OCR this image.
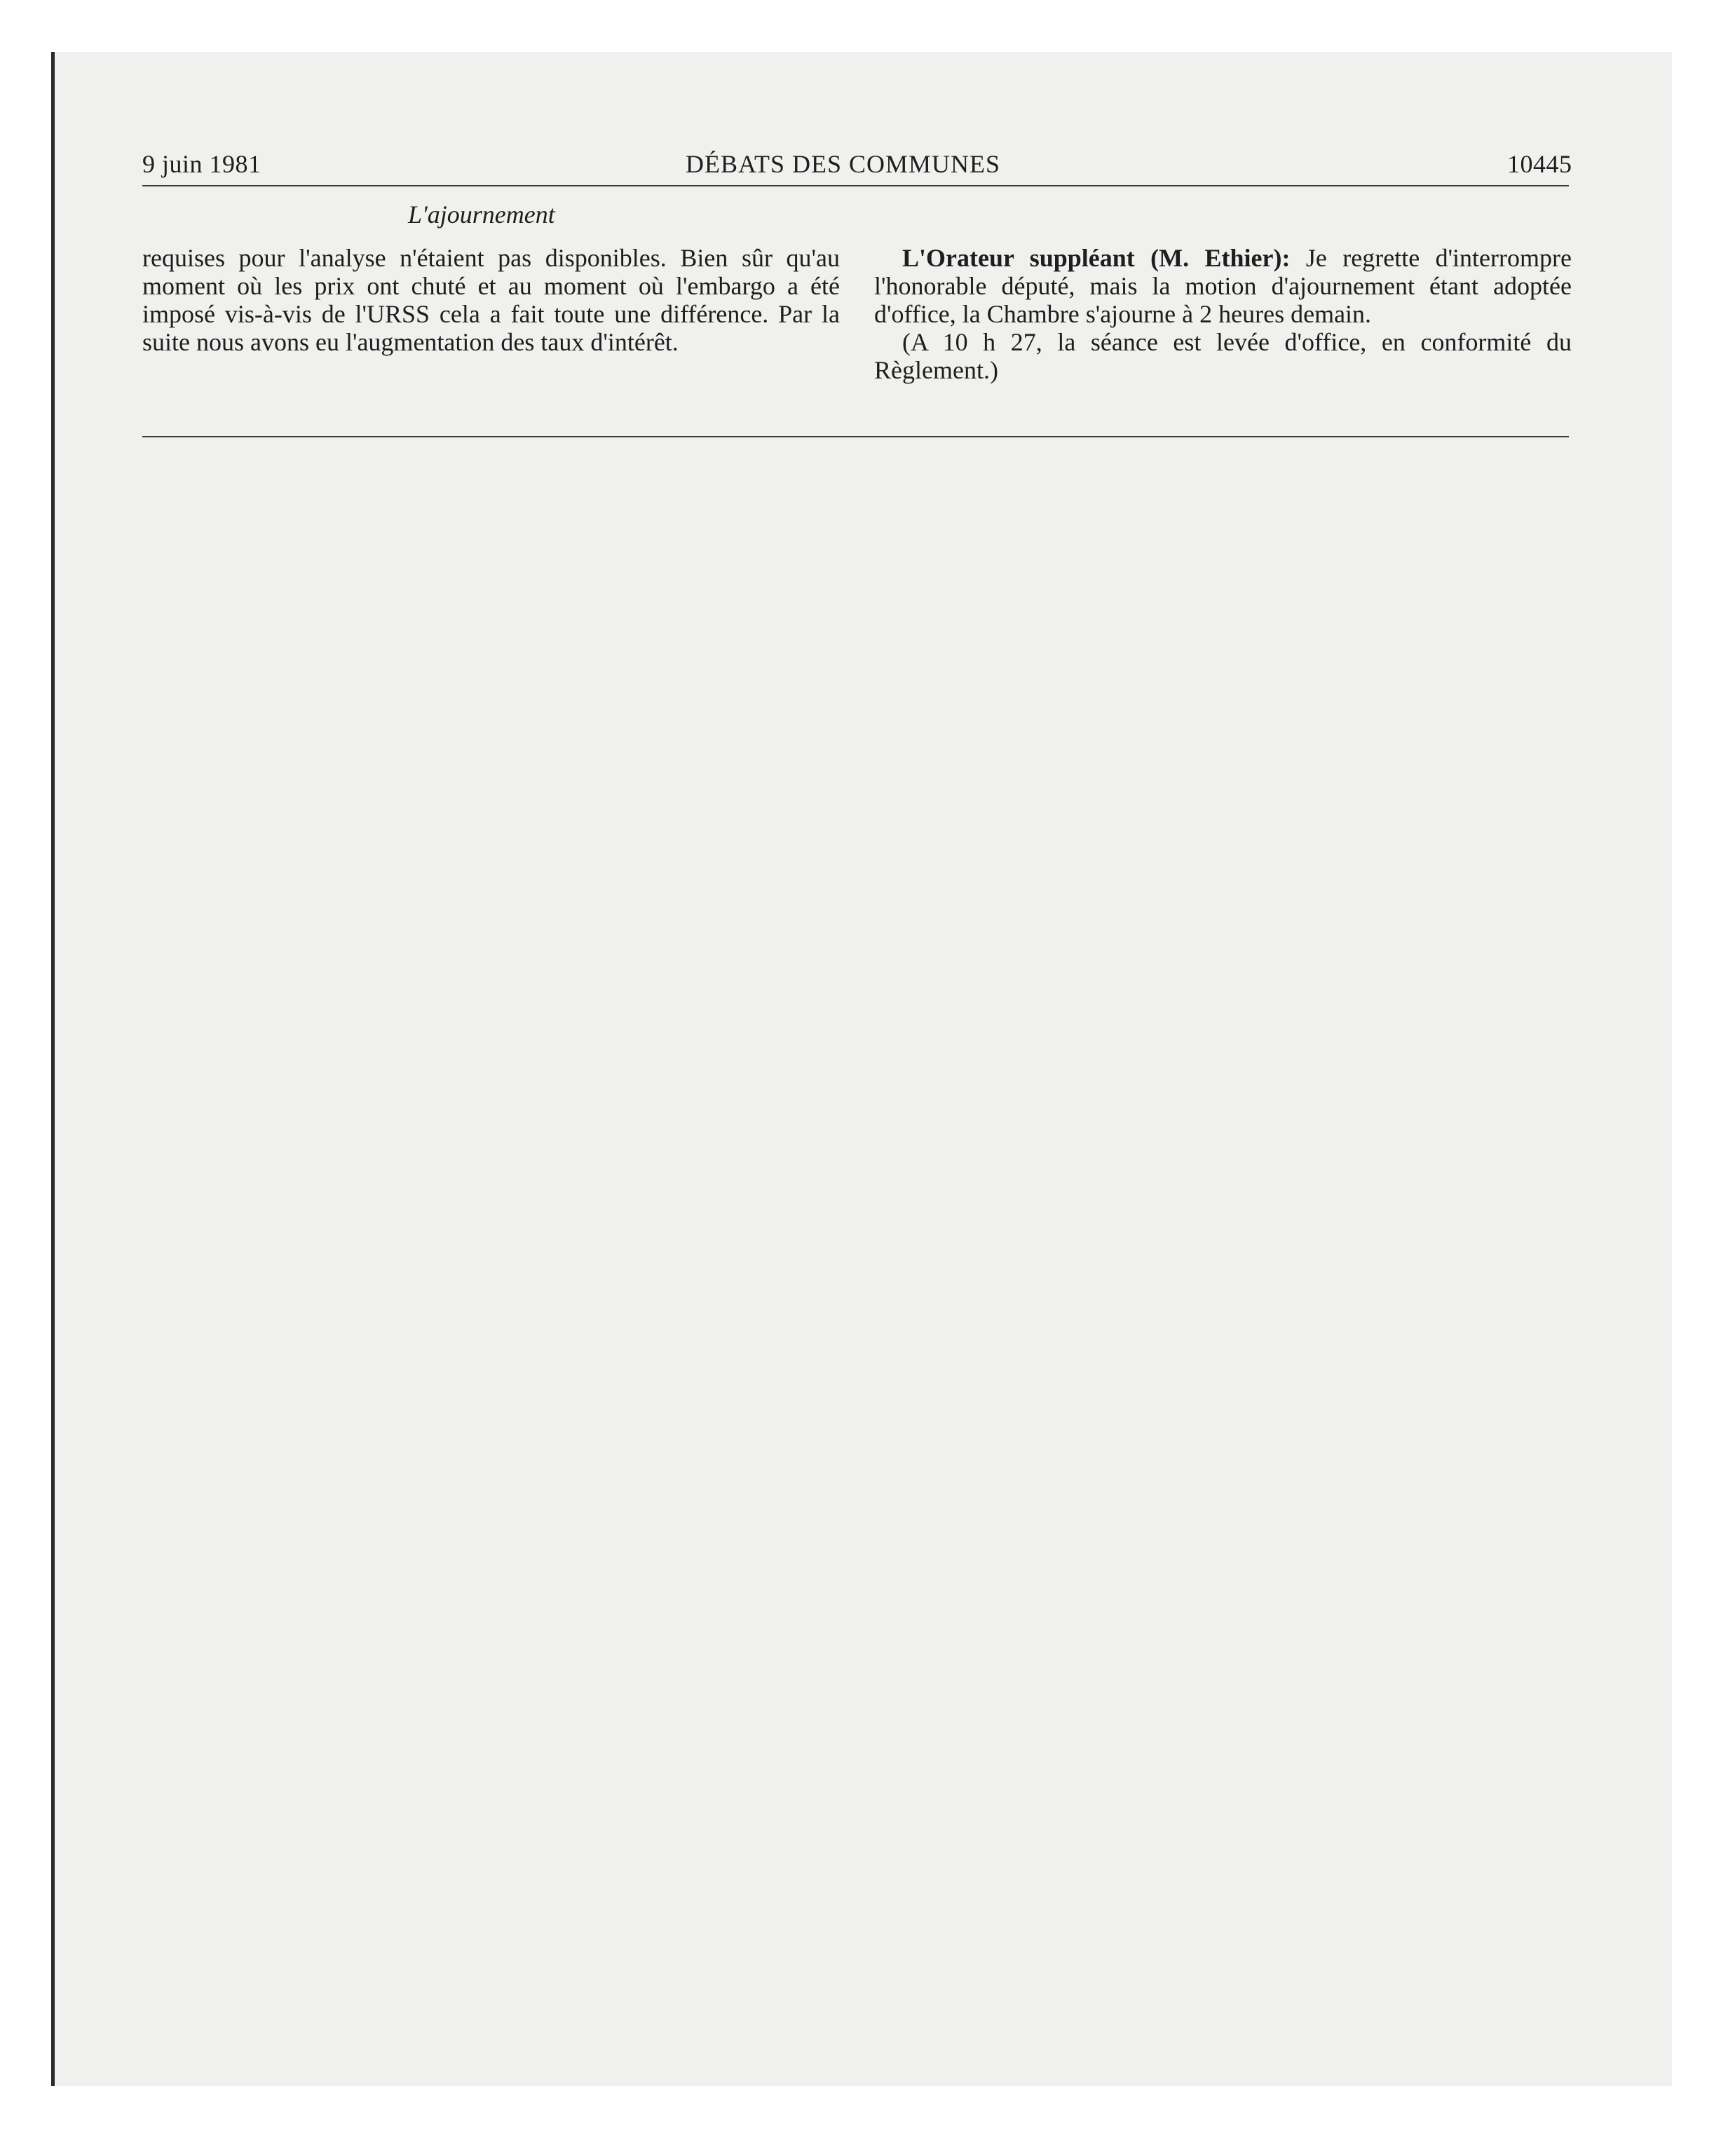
9 juin 1981	DÉBATS DES COMMUNES	10445
L'ajournement

requises pour l'analyse n'étaient pas disponibles. Bien sûr qu'au moment où les prix ont chuté et au moment où l'embargo a été imposé vis-à-vis de l'URSS cela a fait toute une différence. Par la suite nous avons eu l'augmentation des taux d'intérêt.

L'Orateur suppléant (M. Ethier): Je regrette d'interrompre l'honorable député, mais la motion d'ajournement étant adoptée d'office, la Chambre s'ajourne à 2 heures demain.

(A 10 h 27, la séance est levée d'office, en conformité du Règlement.)
